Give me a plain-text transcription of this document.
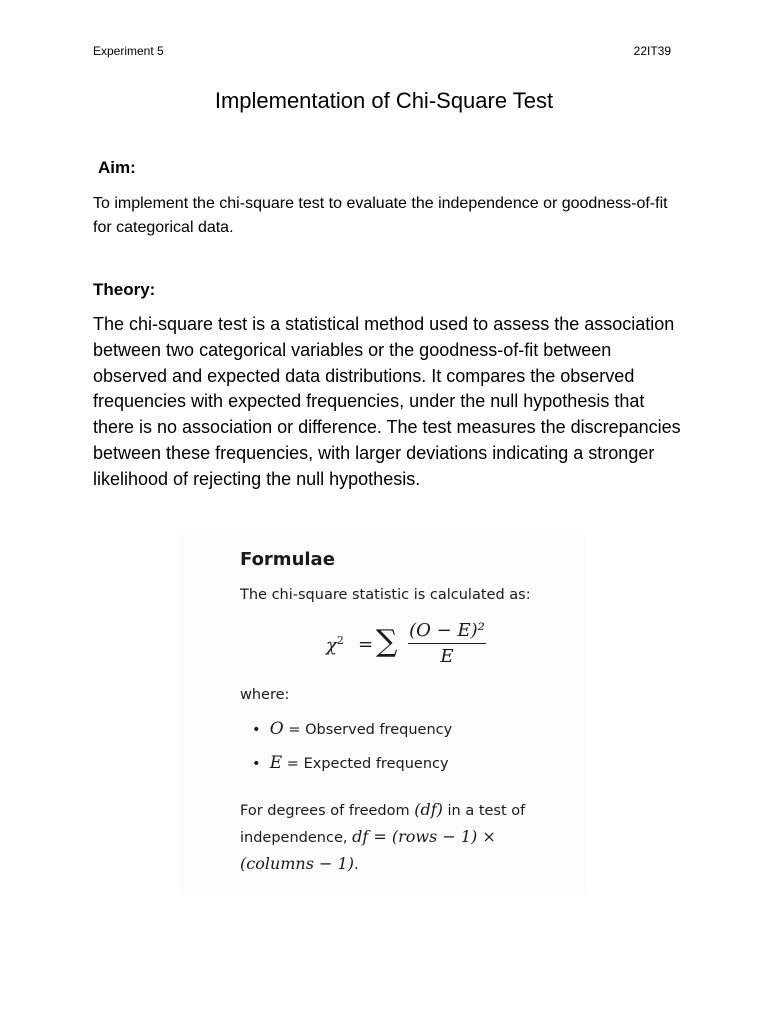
Experiment 5	22IT39
Implementation of Chi-Square Test
Aim:
To implement the chi-square test to evaluate the independence or goodness-of-fit for categorical data.
Theory:
The chi-square test is a statistical method used to assess the association between two categorical variables or the goodness-of-fit between observed and expected data distributions. It compares the observed frequencies with expected frequencies, under the null hypothesis that there is no association or difference. The test measures the discrepancies between these frequencies, with larger deviations indicating a stronger likelihood of rejecting the null hypothesis.
Formulae
The chi-square statistic is calculated as:
$\chi^2$ = ∑ $\frac{\text{(O − E)²}}{E}$
where:
•  O = Observed frequency
•  E = Expected frequency
For degrees of freedom (df) in a test of independence, df = (rows − 1) × (columns − 1).
